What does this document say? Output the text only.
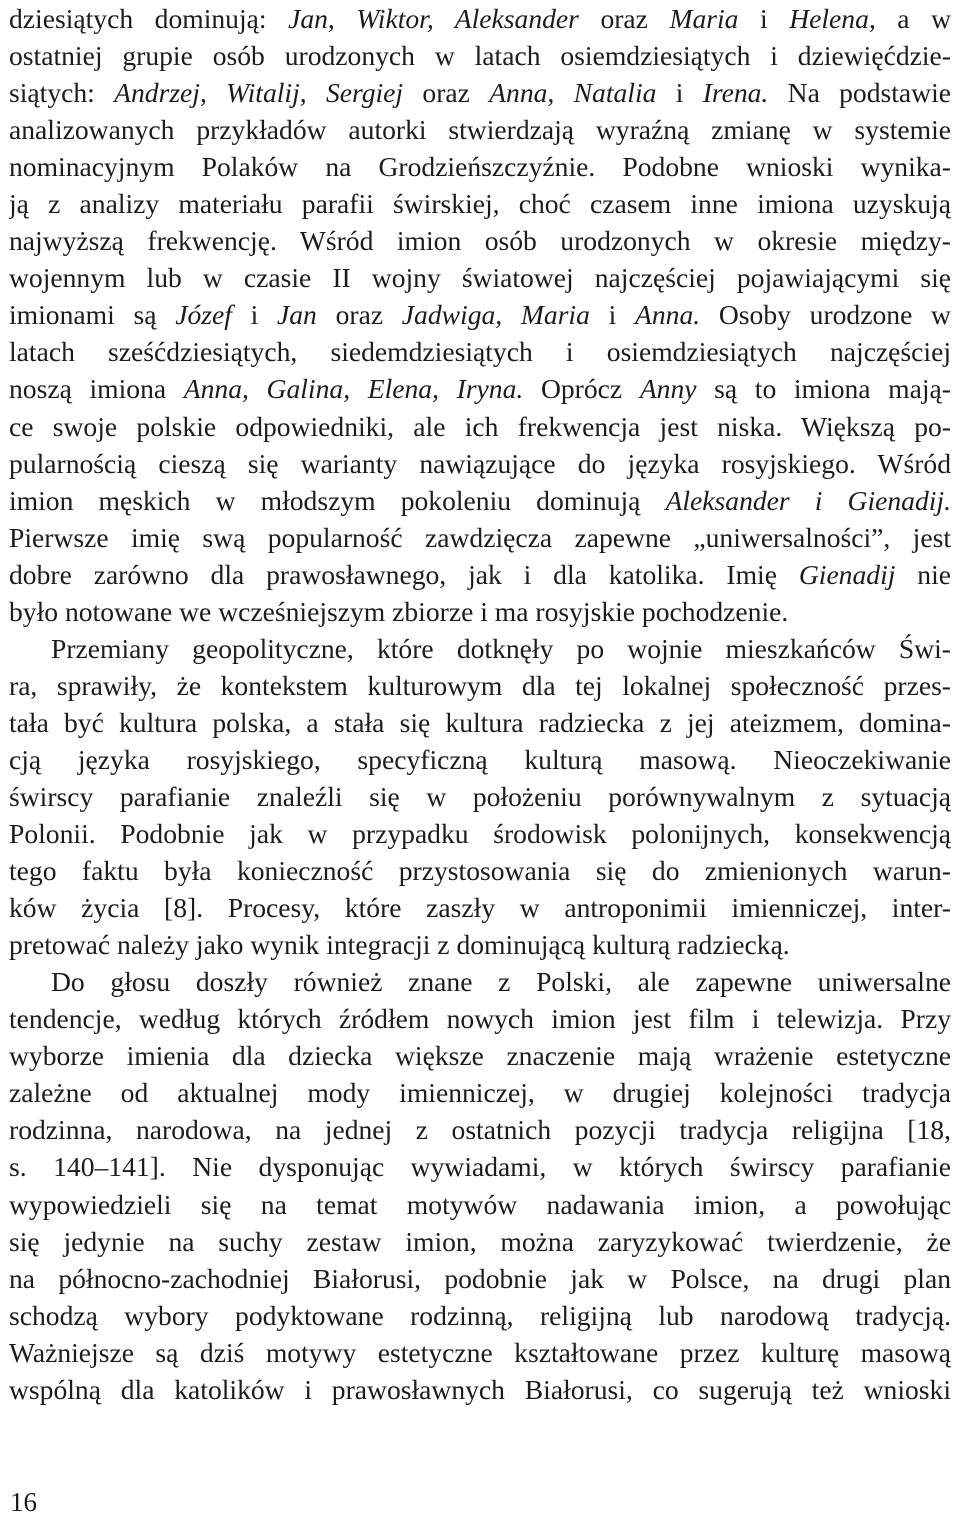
dziesiątych dominują: Jan, Wiktor, Aleksander oraz Maria i Helena, a w
ostatniej grupie osób urodzonych w latach osiemdziesiątych i dziewięćdzie-
siątych: Andrzej, Witalij, Sergiej oraz Anna, Natalia i Irena. Na podstawie
analizowanych przykładów autorki stwierdzają wyraźną zmianę w systemie
nominacyjnym Polaków na Grodzieńszczyźnie. Podobne wnioski wynika-
ją z analizy materiału parafii świrskiej, choć czasem inne imiona uzyskują
najwyższą frekwencję. Wśród imion osób urodzonych w okresie między-
wojennym lub w czasie II wojny światowej najczęściej pojawiającymi się
imionami są Józef i Jan oraz Jadwiga, Maria i Anna. Osoby urodzone w
latach sześćdziesiątych, siedemdziesiątych i osiemdziesiątych najczęściej
noszą imiona Anna, Galina, Elena, Iryna. Oprócz Anny są to imiona mają-
ce swoje polskie odpowiedniki, ale ich frekwencja jest niska. Większą po-
pularnością cieszą się warianty nawiązujące do języka rosyjskiego. Wśród
imion męskich w młodszym pokoleniu dominują Aleksander i Gienadij.
Pierwsze imię swą popularność zawdzięcza zapewne „uniwersalności”, jest
dobre zarówno dla prawosławnego, jak i dla katolika. Imię Gienadij nie
było notowane we wcześniejszym zbiorze i ma rosyjskie pochodzenie.
Przemiany geopolityczne, które dotknęły po wojnie mieszkańców Świ-
ra, sprawiły, że kontekstem kulturowym dla tej lokalnej społeczność przes-
tała być kultura polska, a stała się kultura radziecka z jej ateizmem, domina-
cją języka rosyjskiego, specyficzną kulturą masową. Nieoczekiwanie
świrscy parafianie znaleźli się w położeniu porównywalnym z sytuacją
Polonii. Podobnie jak w przypadku środowisk polonijnych, konsekwencją
tego faktu była konieczność przystosowania się do zmienionych warun-
ków życia [8]. Procesy, które zaszły w antroponimii imienniczej, inter-
pretować należy jako wynik integracji z dominującą kulturą radziecką.
Do głosu doszły również znane z Polski, ale zapewne uniwersalne
tendencje, według których źródłem nowych imion jest film i telewizja. Przy
wyborze imienia dla dziecka większe znaczenie mają wrażenie estetyczne
zależne od aktualnej mody imienniczej, w drugiej kolejności tradycja
rodzinna, narodowa, na jednej z ostatnich pozycji tradycja religijna [18,
s. 140–141]. Nie dysponując wywiadami, w których świrscy parafianie
wypowiedzieli się na temat motywów nadawania imion, a powołując
się jedynie na suchy zestaw imion, można zaryzykować twierdzenie, że
na północno-zachodniej Białorusi, podobnie jak w Polsce, na drugi plan
schodzą wybory podyktowane rodzinną, religijną lub narodową tradycją.
Ważniejsze są dziś motywy estetyczne kształtowane przez kulturę masową
wspólną dla katolików i prawosławnych Białorusi, co sugerują też wnioski
16
